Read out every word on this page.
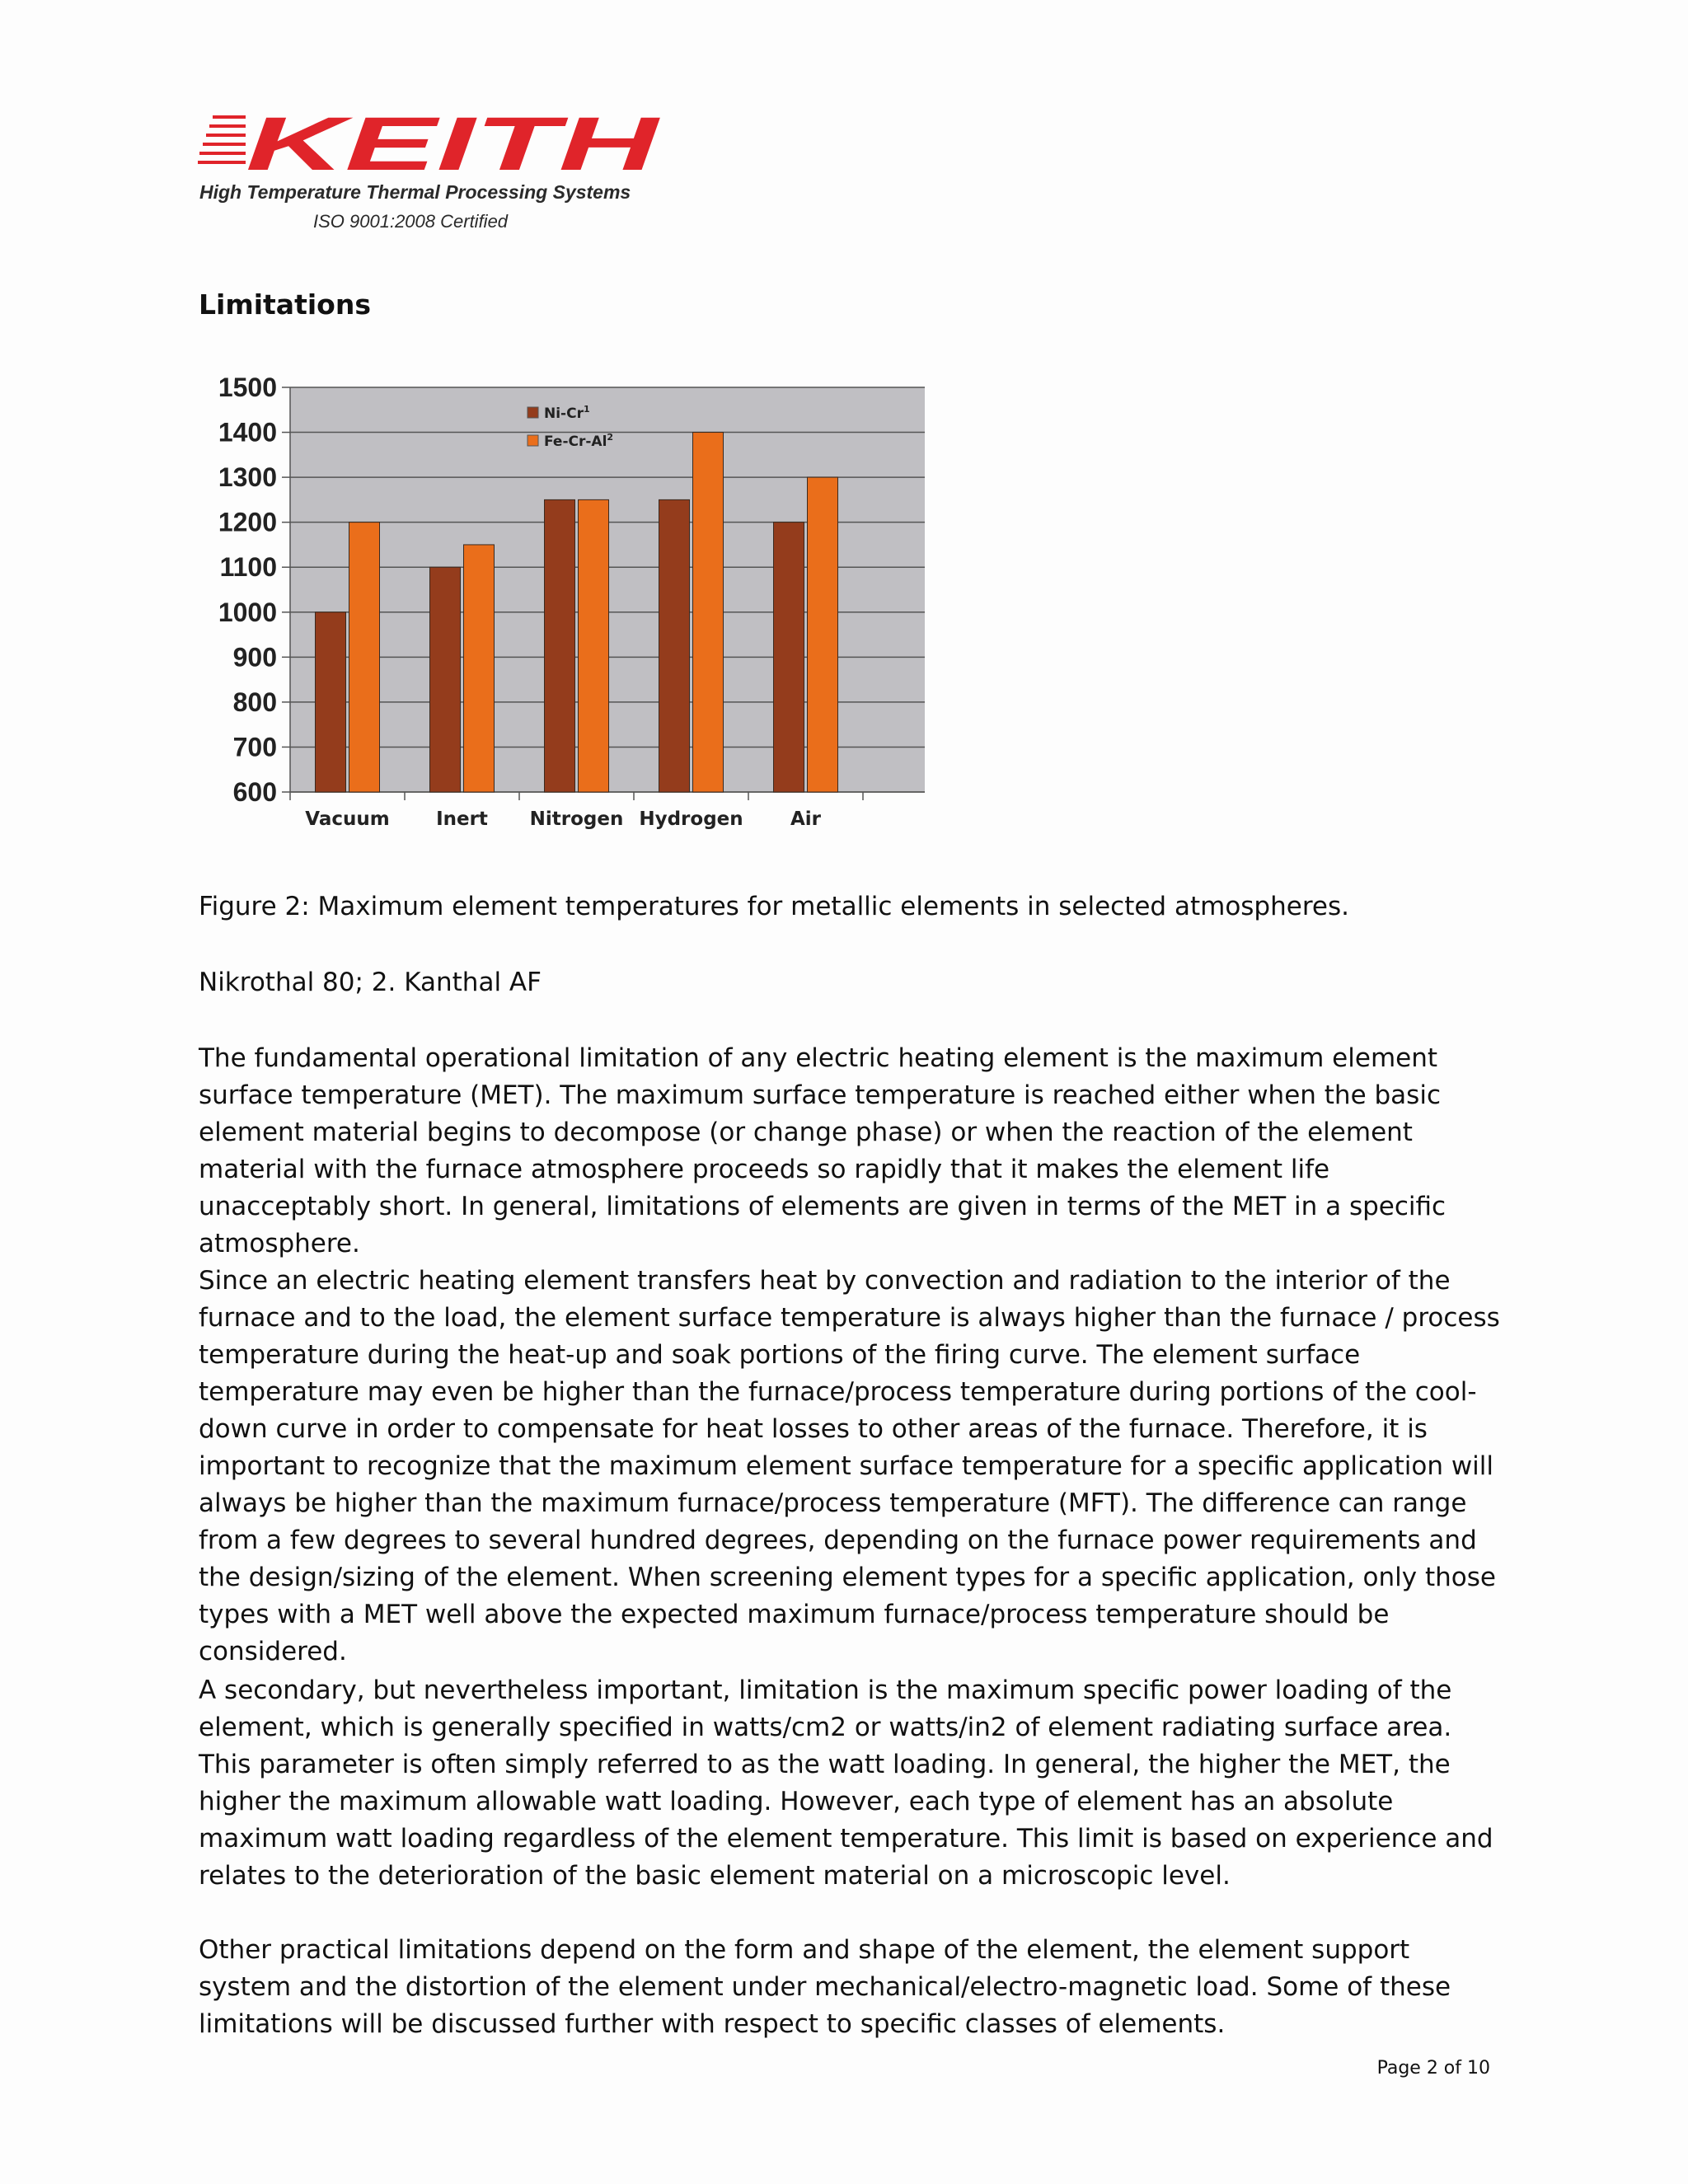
KEITH
High Temperature Thermal Processing Systems
ISO 9001:2008 Certified
Limitations
600
700
800
900
1000
1100
1200
1300
1400
1500
Vacuum Inert Nitrogen Hydrogen Air
Ni-Cr$^1$
Fe-Cr-Al$^2$

Figure 2: Maximum element temperatures for metallic elements in selected atmospheres.

Nikrothal 80; 2. Kanthal AF

The fundamental operational limitation of any electric heating element is the maximum element surface temperature (MET). The maximum surface temperature is reached either when the basic element material begins to decompose (or change phase) or when the reaction of the element material with the furnace atmosphere proceeds so rapidly that it makes the element life unacceptably short. In general, limitations of elements are given in terms of the MET in a specific atmosphere.

Since an electric heating element transfers heat by convection and radiation to the interior of the furnace and to the load, the element surface temperature is always higher than the furnace / process temperature during the heat-up and soak portions of the firing curve. The element surface temperature may even be higher than the furnace/process temperature during portions of the cool-down curve in order to compensate for heat losses to other areas of the furnace. Therefore, it is important to recognize that the maximum element surface temperature for a specific application will always be higher than the maximum furnace/process temperature (MFT). The difference can range from a few degrees to several hundred degrees, depending on the furnace power requirements and the design/sizing of the element. When screening element types for a specific application, only those types with a MET well above the expected maximum furnace/process temperature should be considered.

A secondary, but nevertheless important, limitation is the maximum specific power loading of the element, which is generally specified in watts/cm2 or watts/in2 of element radiating surface area. This parameter is often simply referred to as the watt loading. In general, the higher the MET, the higher the maximum allowable watt loading. However, each type of element has an absolute maximum watt loading regardless of the element temperature. This limit is based on experience and relates to the deterioration of the basic element material on a microscopic level.

Other practical limitations depend on the form and shape of the element, the element support system and the distortion of the element under mechanical/electro-magnetic load. Some of these limitations will be discussed further with respect to specific classes of elements.

Page 2 of 10
